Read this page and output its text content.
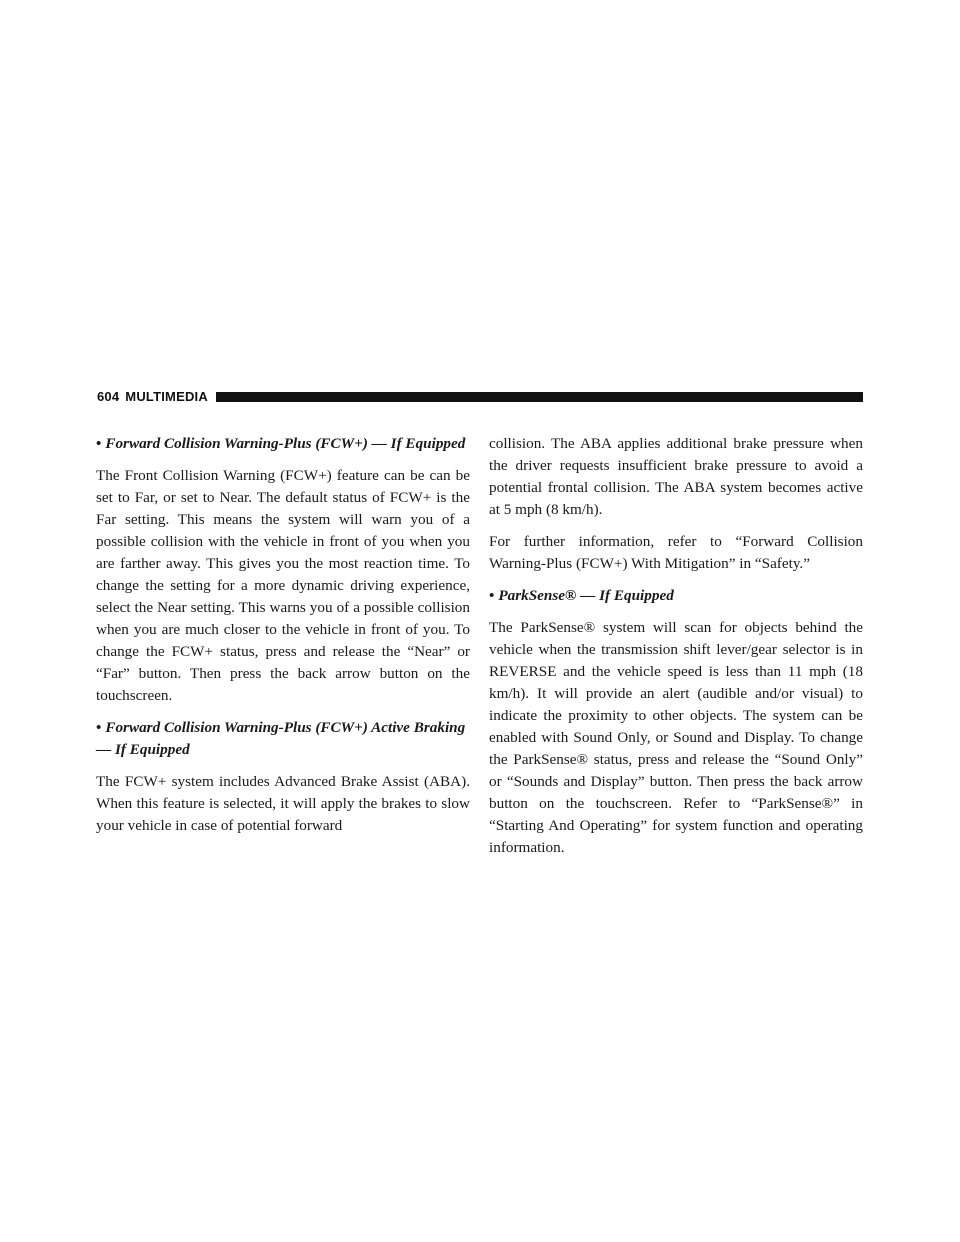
604 MULTIMEDIA

• Forward Collision Warning-Plus (FCW+) — If Equipped

The Front Collision Warning (FCW+) feature can be can be set to Far, or set to Near. The default status of FCW+ is the Far setting. This means the system will warn you of a possible collision with the vehicle in front of you when you are farther away. This gives you the most reaction time. To change the setting for a more dynamic driving experience, select the Near setting. This warns you of a possible collision when you are much closer to the vehicle in front of you. To change the FCW+ status, press and release the “Near” or “Far” button. Then press the back arrow button on the touchscreen.

• Forward Collision Warning-Plus (FCW+) Active Braking — If Equipped

The FCW+ system includes Advanced Brake Assist (ABA). When this feature is selected, it will apply the brakes to slow your vehicle in case of potential forward

collision. The ABA applies additional brake pressure when the driver requests insufficient brake pressure to avoid a potential frontal collision. The ABA system becomes active at 5 mph (8 km/h).

For further information, refer to “Forward Collision Warning-Plus (FCW+) With Mitigation” in “Safety.”

• ParkSense® — If Equipped

The ParkSense® system will scan for objects behind the vehicle when the transmission shift lever/gear selector is in REVERSE and the vehicle speed is less than 11 mph (18 km/h). It will provide an alert (audible and/or visual) to indicate the proximity to other objects. The system can be enabled with Sound Only, or Sound and Display. To change the ParkSense® status, press and release the “Sound Only” or “Sounds and Display” button. Then press the back arrow button on the touchscreen. Refer to “ParkSense®” in “Starting And Operating” for system function and operating information.
